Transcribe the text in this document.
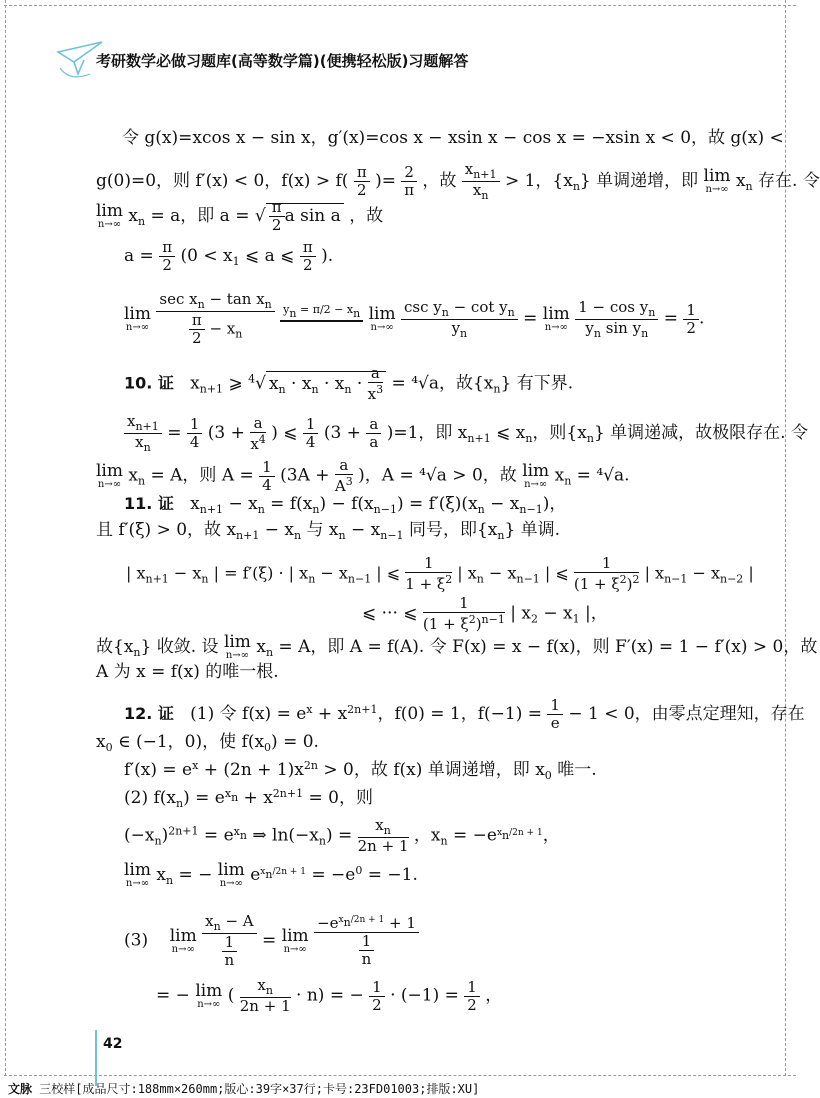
考研数学必做习题库(高等数学篇)(便携轻松版)习题解答
令 g(x)=xcos x − sin x，g′(x)=cos x − xsin x − cos x = −xsin x < 0，故 g(x) <
g(0)=0，则 f′(x) < 0，$f(x) > f( \frac{\pi}{2}$ )= $\frac{2}{\pi}$ ，故 $\frac{x_{n+1}}{x_n} > 1$，$\{x_n\}$ 单调递增，即 lim
n→∞ $x_n$ 存在. 令
lim
n→∞ $x_n = a$，即 a = √ $\frac{\pi}{2}$ a sin a ，故
$a = \frac{\pi}{2} (0 < x_1$ ⩽ a ⩽ $\frac{\pi}{2}$ ).
lim
n→∞
$\frac{\sec x_n - \tan x_n}{\frac{\pi}{2} - x_n}$
yn = π/2 − xn

lim
n→∞
$\frac{\csc y_n - \cot y_n}{y_n} = \lim$
n→∞
$\frac{1 - \cos y_n}{y_n \sin y_n} = \frac{1}{2}$ .
10. 证 $x_{n+1}$ ⩾ $^4$√ $x_n \cdot x_n \cdot x_n \cdot \frac{a}{x^3} = ^4√a$，故$\{x_n\}$ 有下界.
$\frac{x_{n+1}}{x_n} = \frac{1}{4} (3 + \frac{a}{x^4}$ ) ⩽ $\frac{1}{4} (3 + \frac{a}{a} )=1$，即 $x_{n+1}$ ⩽ $x_n$，则$\{x_n\}$ 单调递减，故极限存在. 令
lim
n→∞ $x_n = A$，则 $A = \frac{1}{4} (3A + \frac{a}{A^3}$ )，A = ⁴√a > 0，故 lim
n→∞ $x_n = ^4√a$.
11. 证 $x_{n+1} - x_n = f(x_n) - f(x_{n-1}) = f'(\xi)(x_n - x_{n-1})$，
且 f′(ξ) > 0，故 $x_{n+1} - x_n$ 与 $x_n - x_{n-1}$ 同号，即$\{x_n\}$ 单调.
| $x_{n+1} - x_n$ | = f′(ξ) · | $x_n - x_{n-1}$ | ⩽ $\frac{1}{1 + \xi^2}$ | $x_n - x_{n-1}$ | ⩽ $\frac{1}{(1 + \xi^2)^2}$ | $x_{n-1} - x_{n-2}$ |
⩽ ··· ⩽ $\frac{1}{(1 + \xi^2)^{n-1}}$ | $x_2 - x_1$ |，
故$\{x_n\}$ 收敛. 设 lim
n→∞ $x_n = A$，即 A = f(A). 令 F(x) = x − f(x)，则 F′(x) = 1 − f′(x) > 0，故
A 为 x = f(x) 的唯一根.
12. 证 (1) 令 $f(x) = e^x + x^{2n+1}$，f(0) = 1，$f(-1) = \frac{1}{e} - 1 < 0$，由零点定理知，存在
$x_0$ ∈ (−1，0)，使 $f(x_0) = 0$.
$f'(x) = e^x + (2n + 1)x^{2n} > 0$，故 f(x) 单调递增，即 $x_0$ 唯一.
(2) $f(x_n) = e^{xn} + x^{2n+1} = 0$，则
$(-x_n)^{2n+1} = e^{xn}$ ⇒ $\ln(-x_n) = \frac{x_n}{2n + 1}$ ，$x_n = -e^{xn/2n + 1}$，
lim
n→∞ $x_n$ = − lim
n→∞ $e^{xn/2n + 1} = -e^0 = -1$.
(3) lim
n→∞
$\frac{x_n - A}{\frac{1}{n}} = \lim$
n→∞
$\frac{-e^{xn/2n + 1} + 1}{\frac{1}{n}}$
= − lim
n→∞ ( $\frac{x_n}{2n + 1} \cdot n$) = − $\frac{1}{2} \cdot (-1) = \frac{1}{2}$ ，
42
文脉 三校样[成品尺寸:188mm×260mm;版心:39字×37行;卡号:23FD01003;排版:XU]
